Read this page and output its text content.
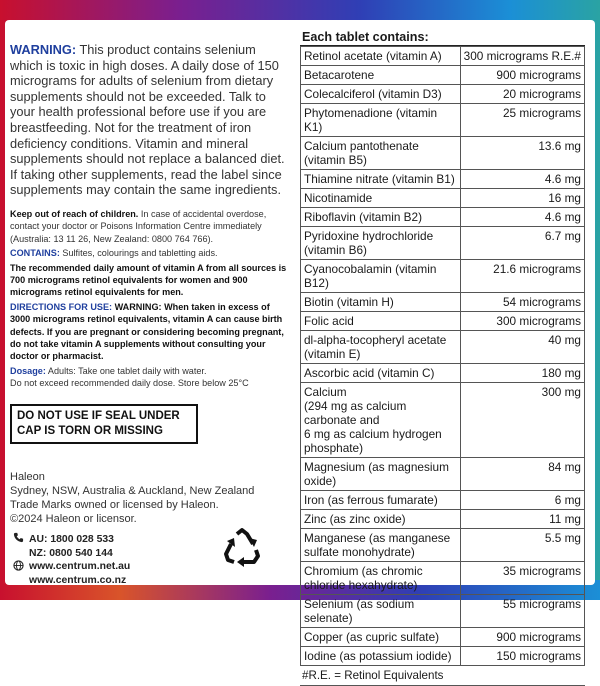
WARNING: This product contains selenium which is toxic in high doses. A daily dose of 150 micrograms for adults of selenium from dietary supplements should not be exceeded. Talk to your health professional before use if you are breastfeeding. Not for the treatment of iron deficiency conditions. Vitamin and mineral supplements should not replace a balanced diet. If taking other supplements, read the label since supplements may contain the same ingredients.

Keep out of reach of children. In case of accidental overdose, contact your doctor or Poisons Information Centre immediately (Australia: 13 11 26, New Zealand: 0800 764 766).

CONTAINS: Sulfites, colourings and tabletting aids.

The recommended daily amount of vitamin A from all sources is 700 micrograms retinol equivalents for women and 900 micrograms retinol equivalents for men.

DIRECTIONS FOR USE: WARNING: When taken in excess of 3000 micrograms retinol equivalents, vitamin A can cause birth defects. If you are pregnant or considering becoming pregnant, do not take vitamin A supplements without consulting your doctor or pharmacist.

Dosage: Adults: Take one tablet daily with water.
Do not exceed recommended daily dose. Store below 25°C

DO NOT USE IF SEAL UNDER CAP IS TORN OR MISSING
Haleon
Sydney, NSW, Australia & Auckland, New Zealand
Trade Marks owned or licensed by Haleon.
©2024 Haleon or licensor.
AU: 1800 028 533
NZ: 0800 540 144
www.centrum.net.au
www.centrum.co.nz
Each tablet contains:
Retinol acetate (vitamin A)	300 micrograms R.E.#
Betacarotene	900 micrograms
Colecalciferol (vitamin D3)	20 micrograms
Phytomenadione (vitamin K1)	25 micrograms
Calcium pantothenate (vitamin B5)	13.6 mg
Thiamine nitrate (vitamin B1)	4.6 mg
Nicotinamide	16 mg
Riboflavin (vitamin B2)	4.6 mg
Pyridoxine hydrochloride (vitamin B6)	6.7 mg
Cyanocobalamin (vitamin B12)	21.6 micrograms
Biotin (vitamin H)	54 micrograms
Folic acid	300 micrograms
dl-alpha-tocopheryl acetate (vitamin E)	40 mg
Ascorbic acid (vitamin C)	180 mg
Calcium
(294 mg as calcium carbonate and
6 mg as calcium hydrogen phosphate)	300 mg
Magnesium (as magnesium oxide)	84 mg
Iron (as ferrous fumarate)	6 mg
Zinc (as zinc oxide)	11 mg
Manganese (as manganese
sulfate monohydrate)	5.5 mg
Chromium (as chromic
chloride hexahydrate)	35 micrograms
Selenium (as sodium selenate)	55 micrograms
Copper (as cupric sulfate)	900 micrograms
Iodine (as potassium iodide)	150 micrograms
#R.E. = Retinol Equivalents
